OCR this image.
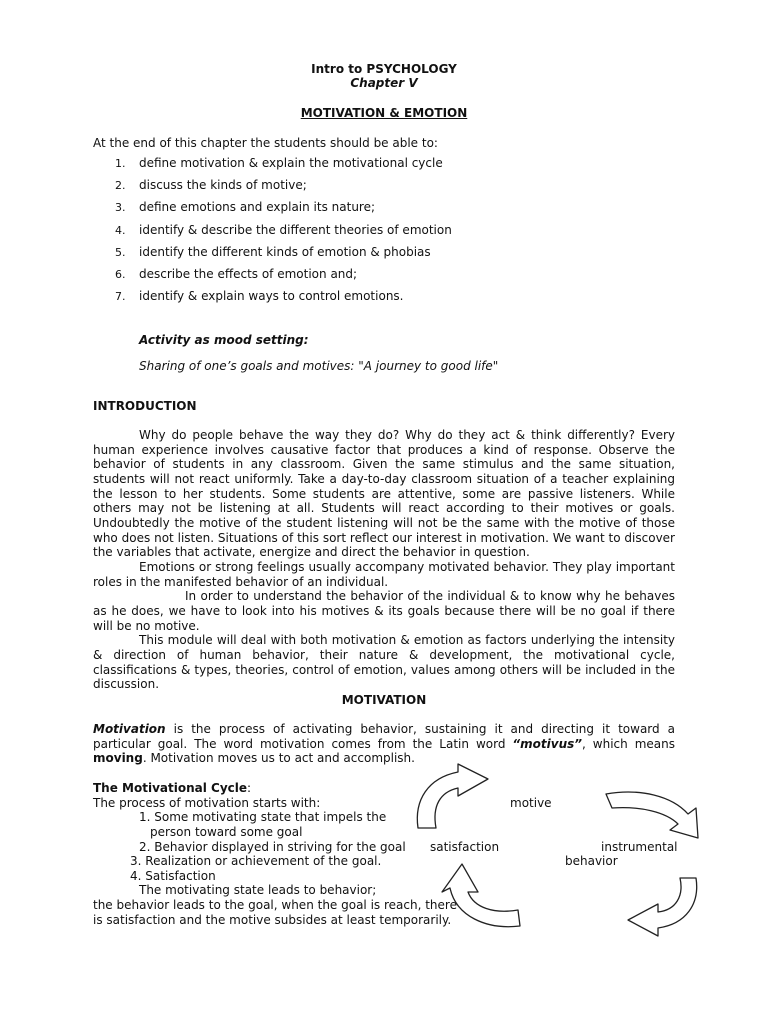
Intro to PSYCHOLOGY
Chapter V
MOTIVATION & EMOTION
At the end of this chapter the students should be able to:
1.	define motivation & explain the motivational cycle
2.	discuss the kinds of motive;
3.	define emotions and explain its nature;
4.	identify & describe the different theories of emotion
5.	identify the different kinds of emotion & phobias
6.	describe the effects of emotion and;
7.	identify & explain ways to control emotions.
Activity as mood setting:
Sharing of one’s goals and motives: "A journey to good life"
INTRODUCTION

Why do people behave the way they do? Why do they act & think differently? Every human experience involves causative factor that produces a kind of response. Observe the behavior of students in any classroom. Given the same stimulus and the same situation, students will not react uniformly. Take a day-to-day classroom situation of a teacher explaining the lesson to her students. Some students are attentive, some are passive listeners. While others may not be listening at all. Students will react according to their motives or goals. Undoubtedly the motive of the student listening will not be the same with the motive of those who does not listen. Situations of this sort reflect our interest in motivation. We want to discover the variables that activate, energize and direct the behavior in question.

Emotions or strong feelings usually accompany motivated behavior. They play important roles in the manifested behavior of an individual.

In order to understand the behavior of the individual & to know why he behaves as he does, we have to look into his motives & its goals because there will be no goal if there will be no motive.

This module will deal with both motivation & emotion as factors underlying the intensity & direction of human behavior, their nature & development, the motivational cycle, classifications & types, theories, control of emotion, values among others will be included in the discussion.

MOTIVATION

Motivation is the process of activating behavior, sustaining it and directing it toward a particular goal. The word motivation comes from the Latin word “motivus”, which means moving. Motivation moves us to act and accomplish.

The Motivational Cycle:
The process of motivation starts with:
1. Some motivating state that impels the
person toward some goal
2. Behavior displayed in striving for the goal
3. Realization or achievement of the goal.
4. Satisfaction
The motivating state leads to behavior;
the behavior leads to the goal, when the goal is reach, there
is satisfaction and the motive subsides at least temporarily.
motive
satisfaction	instrumental
behavior
